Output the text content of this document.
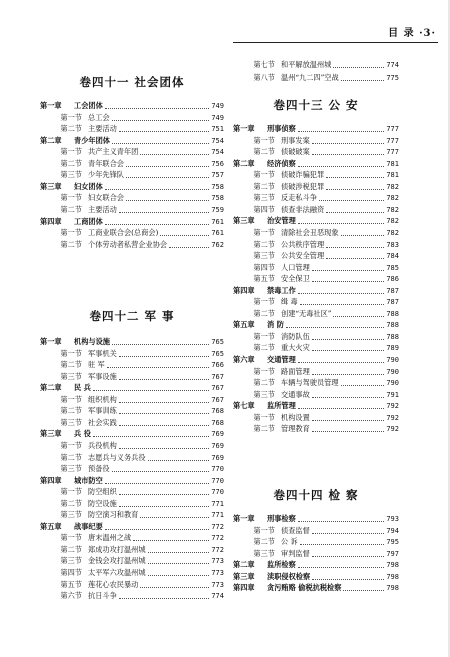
目 录 ·3·
卷四十一 社会团体
第一章	工会团体	749
第一节 总工会	749
第二节 主要活动	751
第二章	青少年团体	754
第一节 共产主义青年团	754
第二节 青年联合会	756
第三节 少年先锋队	757
第三章	妇女团体	758
第一节 妇女联合会	758
第二节 主要活动	759
第四章	工商团体	761
第一节 工商业联合会(总商会)	761
第二节 个体劳动者私营企业协会	762
卷四十二 军 事
第一章	机构与设施	765
第一节 军事机关	765
第二节 驻 军	766
第三节 军事设施	767
第二章	民 兵	767
第一节 组织机构	767
第二节 军事训练	768
第三节 社会实践	768
第三章	兵 役	769
第一节 兵役机构	769
第二节 志愿兵与义务兵役	769
第三节 预备役	770
第四章	城市防空	770
第一节 防空组织	770
第二节 防空设施	771
第三节 防空演习和教育	771
第五章	战事纪要	772
第一节 唐末温州之战	772
第二节 郑成功攻打温州城	772
第三节 金钱会攻打温州城	773
第四节 太平军六攻温州城	773
第五节 莲花心农民暴动	773
第六节 抗日斗争	774
第七节 和平解放温州城	774
第八节 温州“九二四”空战	775
卷四十三 公 安
第一章	刑事侦察	777
第一节 刑事发案	777
第二节 侦破破案	777
第二章	经济侦察	781
第一节 侦破诈骗犯罪	781
第二节 侦破涉税犯罪	782
第三节 反走私斗争	782
第四节 侦查非法融资	782
第三章	治安管理	782
第一节 清除社会丑恶现象	782
第二节 公共秩序管理	783
第三节 公共安全管理	784
第四节 人口管理	785
第五节 安全保卫	786
第四章	禁毒工作	787
第一节 缉 毒	787
第二节 创建“无毒社区”	788
第五章	消 防	788
第一节 消防队伍	788
第二节 重大火灾	789
第六章	交通管理	790
第一节 路面管理	790
第二节 车辆与驾驶员管理	790
第三节 交通事故	791
第七章	监所管理	792
第一节 机构设置	792
第二节 管理教育	792
卷四十四 检 察
第一章	刑事检察	793
第一节 侦查监督	794
第二节 公 诉	795
第三节 审判监督	797
第二章	监所检察	798
第三章	渎职侵权检察	798
第四章	贪污贿赂 偷税抗税检察	798
